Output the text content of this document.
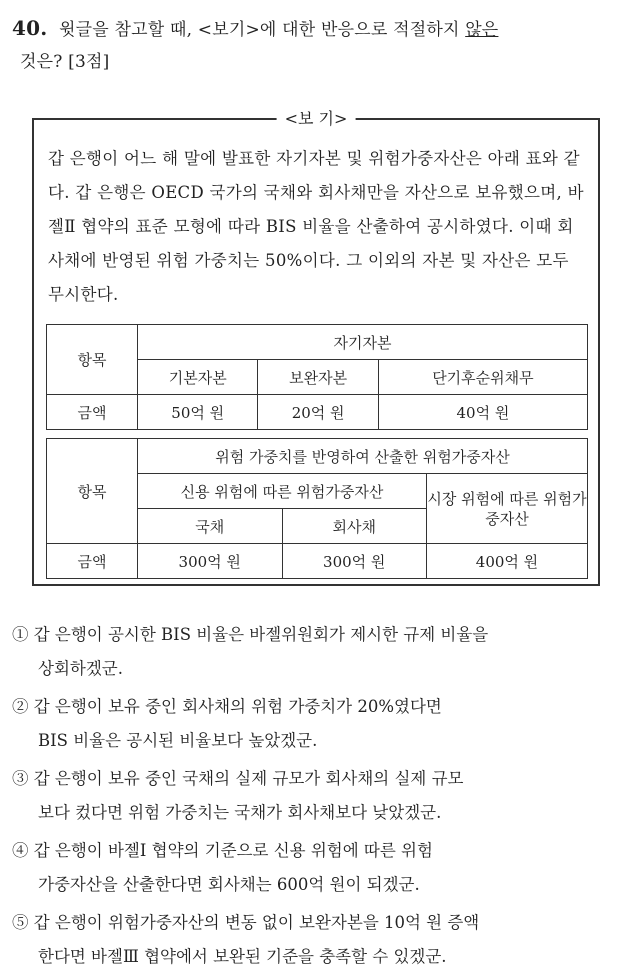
40. 윗글을 참고할 때, <보기>에 대한 반응으로 적절하지 않은
것은? [3점]
<보 기>
갑 은행이 어느 해 말에 발표한 자기자본 및 위험가중자산은 아래 표와 같다. 갑 은행은 OECD 국가의 국채와 회사채만을 자산으로 보유했으며, 바젤Ⅱ 협약의 표준 모형에 따라 BIS 비율을 산출하여 공시하였다. 이때 회사채에 반영된 위험 가중치는 50%이다. 그 이외의 자본 및 자산은 모두 무시한다.
항목	자기자본		
	기본자본	보완자본	단기후순위채무
금액	50억 원	20억 원	40억 원
항목	위험 가중치를 반영하여 산출한 위험가중자산		
	신용 위험에 따른 위험가중자산		시장 위험에 따른 위험가중자산
	국채	회사채	
금액	300억 원	300억 원	400억 원
① 갑 은행이 공시한 BIS 비율은 바젤위원회가 제시한 규제 비율을
상회하겠군.
② 갑 은행이 보유 중인 회사채의 위험 가중치가 20%였다면
BIS 비율은 공시된 비율보다 높았겠군.
③ 갑 은행이 보유 중인 국채의 실제 규모가 회사채의 실제 규모
보다 컸다면 위험 가중치는 국채가 회사채보다 낮았겠군.
④ 갑 은행이 바젤Ⅰ 협약의 기준으로 신용 위험에 따른 위험
가중자산을 산출한다면 회사채는 600억 원이 되겠군.
⑤ 갑 은행이 위험가중자산의 변동 없이 보완자본을 10억 원 증액
한다면 바젤Ⅲ 협약에서 보완된 기준을 충족할 수 있겠군.
